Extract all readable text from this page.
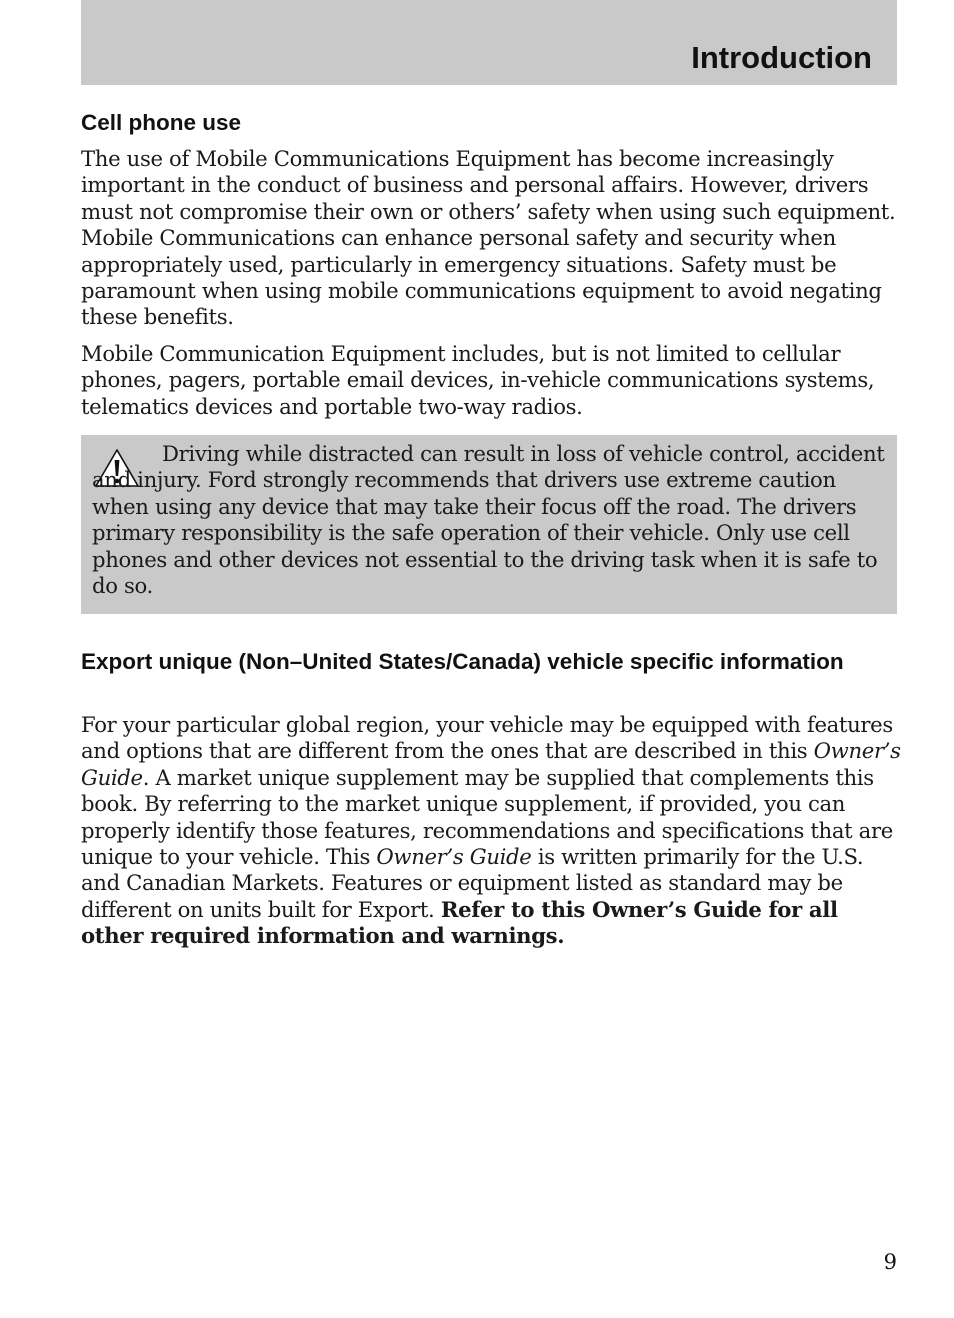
Introduction
Cell phone use

The use of Mobile Communications Equipment has become increasingly important in the conduct of business and personal affairs. However, drivers must not compromise their own or others’ safety when using such equipment. Mobile Communications can enhance personal safety and security when appropriately used, particularly in emergency situations. Safety must be paramount when using mobile communications equipment to avoid negating these benefits.

Mobile Communication Equipment includes, but is not limited to cellular phones, pagers, portable email devices, in-vehicle communications systems, telematics devices and portable two-way radios.

Driving while distracted can result in loss of vehicle control, accident and injury. Ford strongly recommends that drivers use extreme caution when using any device that may take their focus off the road. The drivers primary responsibility is the safe operation of their vehicle. Only use cell phones and other devices not essential to the driving task when it is safe to do so.

Export unique (Non–United States/Canada) vehicle specific information

For your particular global region, your vehicle may be equipped with features and options that are different from the ones that are described in this Owner’s Guide. A market unique supplement may be supplied that complements this book. By referring to the market unique supplement, if provided, you can properly identify those features, recommendations and specifications that are unique to your vehicle. This Owner’s Guide is written primarily for the U.S. and Canadian Markets. Features or equipment listed as standard may be different on units built for Export. Refer to this Owner’s Guide for all other required information and warnings.

9
